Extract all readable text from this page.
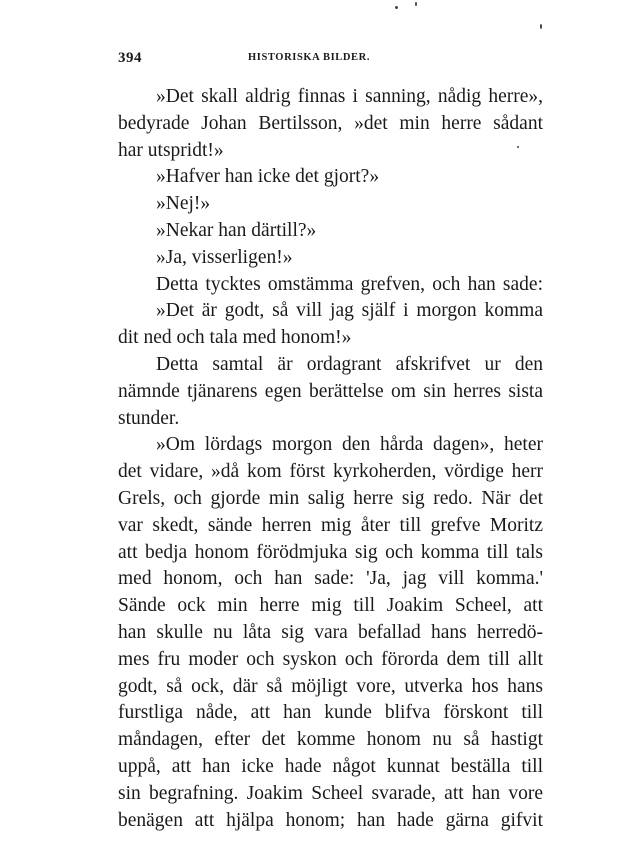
394	HISTORISKA BILDER.
»Det skall aldrig finnas i sanning, nådig herre»,
bedyrade Johan Bertilsson, »det min herre sådant
har utspridt!»
»Hafver han icke det gjort?»
»Nej!»
»Nekar han därtill?»
»Ja, visserligen!»
Detta tycktes omstämma grefven, och han sade:
»Det är godt, så vill jag själf i morgon komma
dit ned och tala med honom!»
Detta samtal är ordagrant afskrifvet ur den
nämnde tjänarens egen berättelse om sin herres sista
stunder.
»Om lördags morgon den hårda dagen», heter
det vidare, »då kom först kyrkoherden, vördige herr
Grels, och gjorde min salig herre sig redo. När det
var skedt, sände herren mig åter till grefve Moritz
att bedja honom förödmjuka sig och komma till tals
med honom, och han sade: 'Ja, jag vill komma.'
Sände ock min herre mig till Joakim Scheel, att
han skulle nu låta sig vara befallad hans herredö-
mes fru moder och syskon och förorda dem till allt
godt, så ock, där så möjligt vore, utverka hos hans
furstliga nåde, att han kunde blifva förskont till
måndagen, efter det komme honom nu så hastigt
uppå, att han icke hade något kunnat beställa till
sin begrafning. Joakim Scheel svarade, att han vore
benägen att hjälpa honom; han hade gärna gifvit
